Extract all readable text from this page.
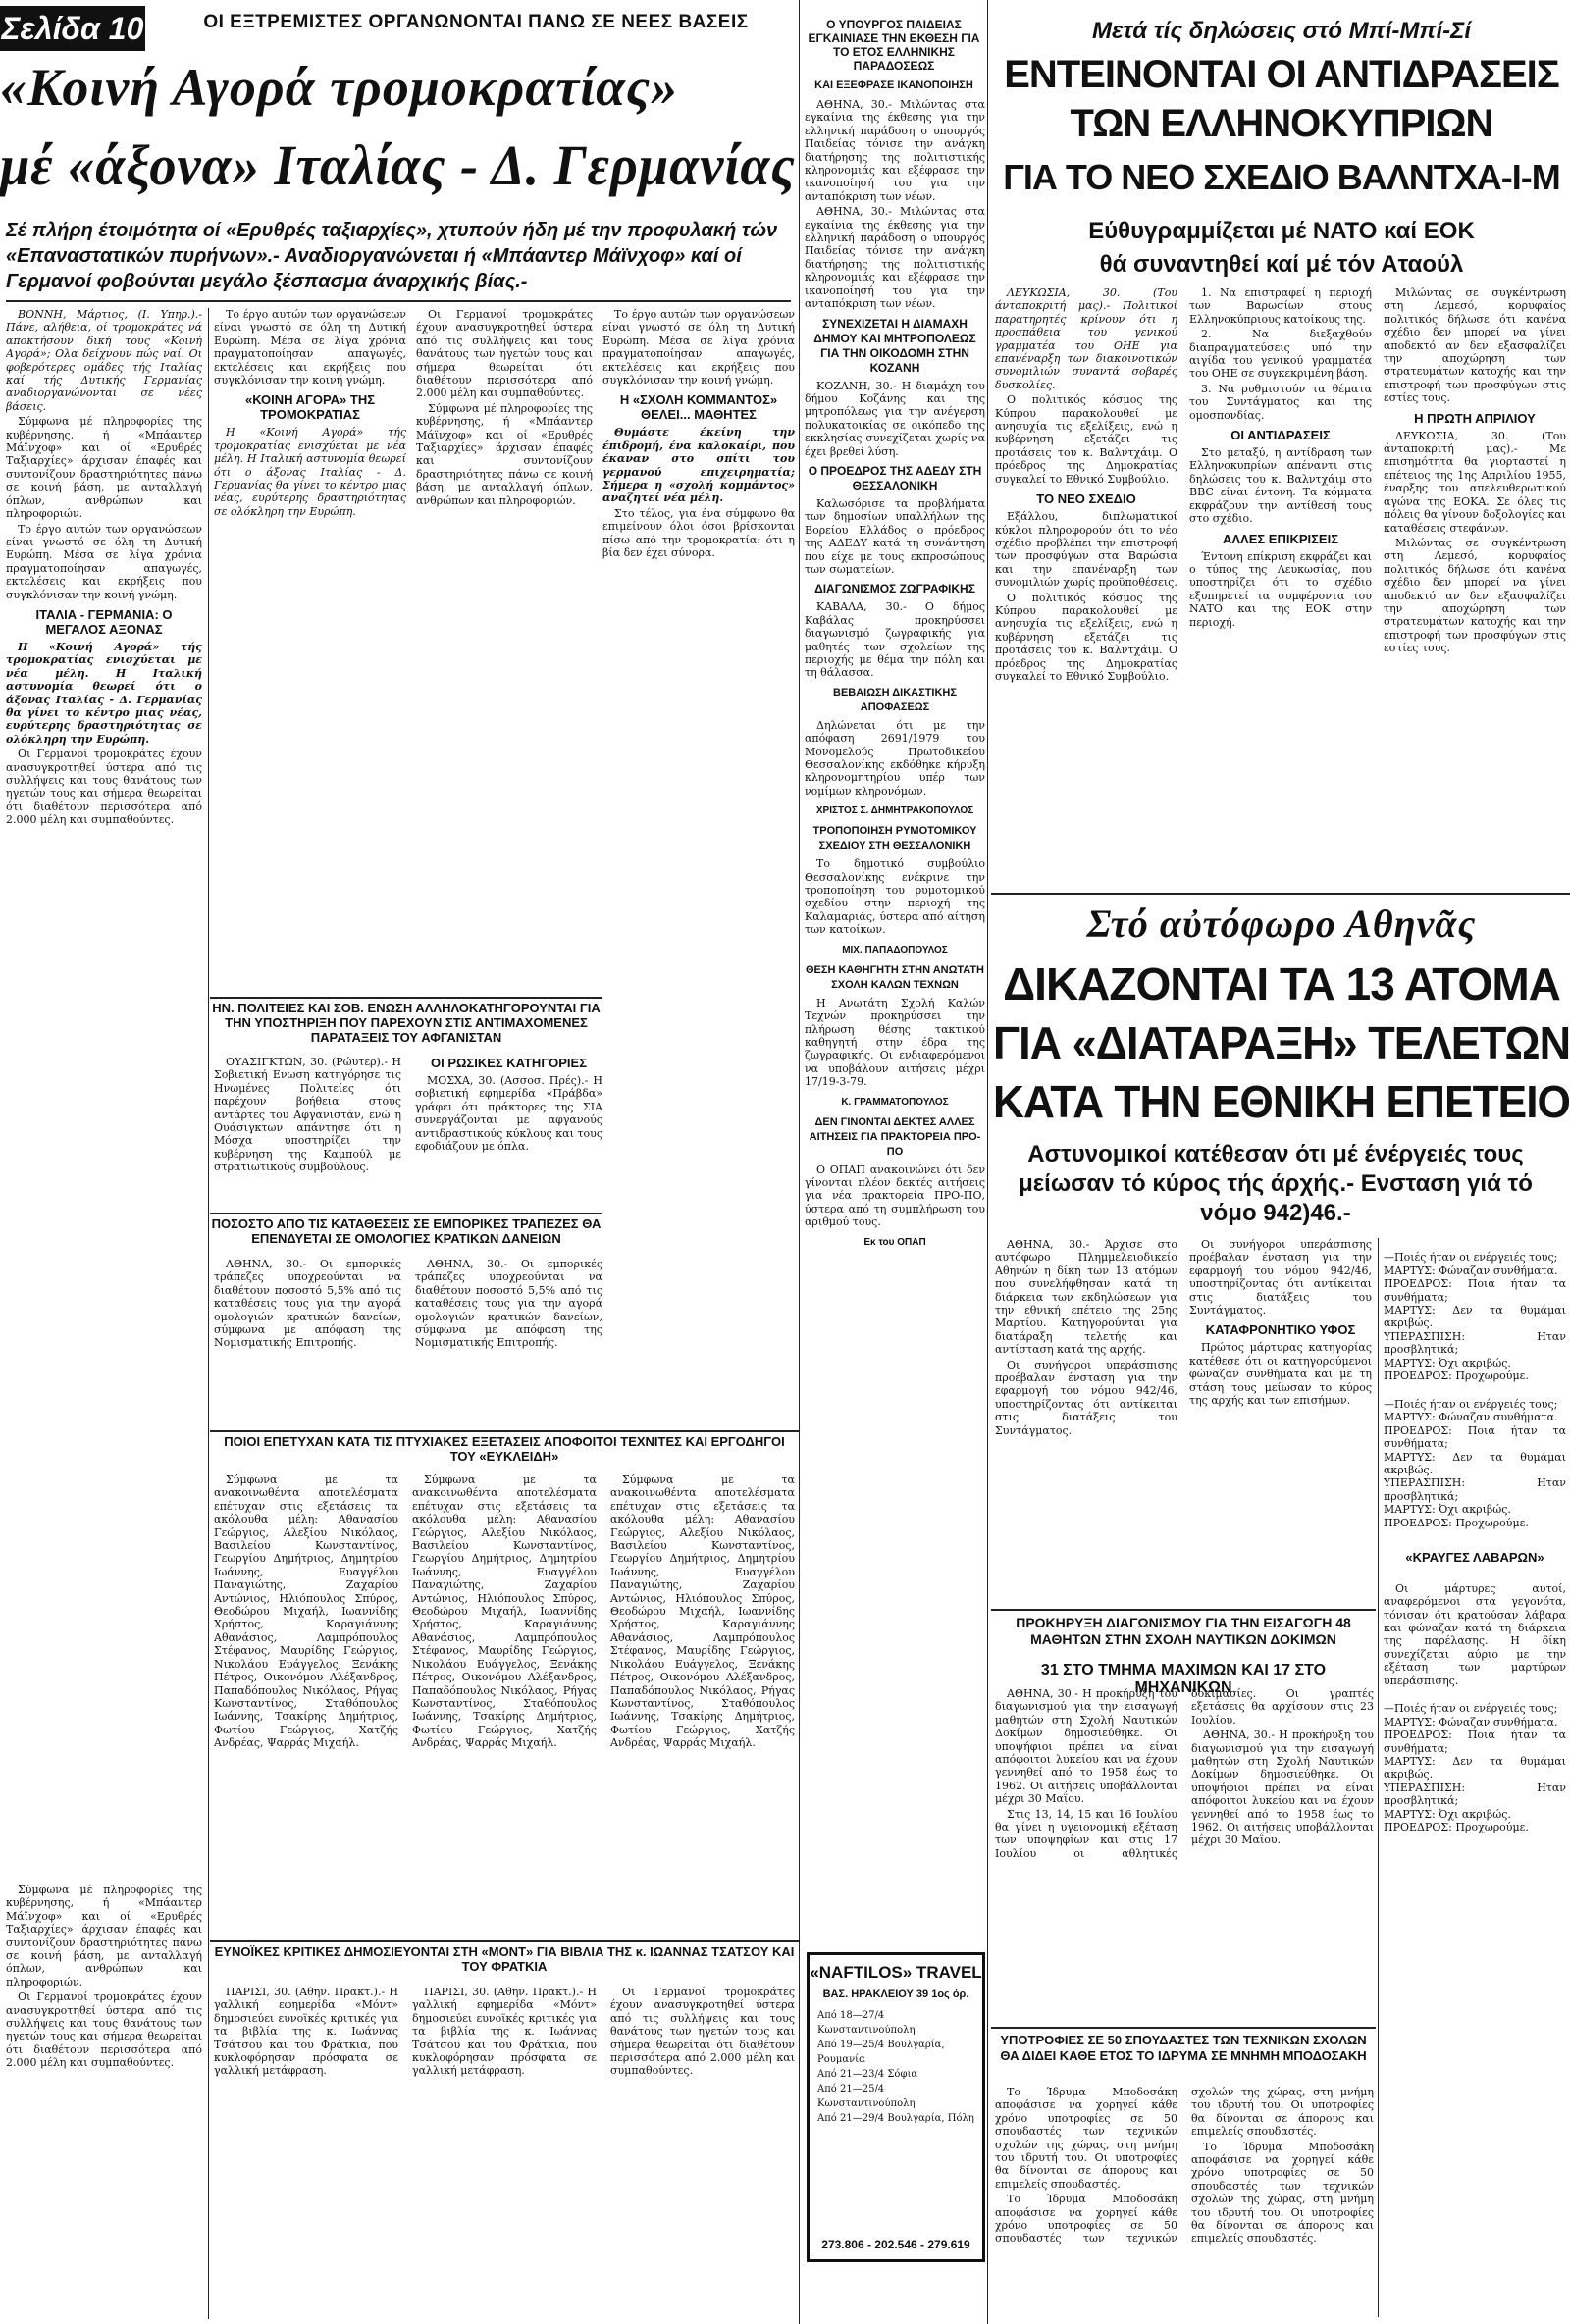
Σελίδα 10	ΟΙ ΕΞΤΡΕΜΙΣΤΕΣ ΟΡΓΑΝΩΝΟΝΤΑΙ ΠΑΝΩ ΣΕ ΝΕΕΣ ΒΑΣΕΙΣ
«Κοινή Αγορά τρομοκρατίας»
μέ «άξονα» Ιταλίας - Δ. Γερμανίας
Σέ πλήρη έτοιμότητα οί «Ερυθρές ταξιαρχίες», χτυπούν ήδη μέ την προφυλακή τών «Επαναστατικών πυρήνων».- Αναδιοργανώνεται ή «Μπάαντερ Μάϊνχοφ» καί οί Γερμανοί φοβούνται μεγάλο ξέσπασμα άναρχικής βίας.-

ΒΟΝΝΗ, Μάρτιος, (Ι. Υπηρ.).- Πάνε, αλήθεια, οί τρομοκράτες νά αποκτήσουν δική τους «Κοινή Αγορά»; Ολα δείχνουν πώς ναί. Οι φοβερότερες ομάδες τής Ιταλίας καί τής Δυτικής Γερμανίας αναδιοργανώνονται σε νέες βάσεις.

Σύμφωνα μέ πληροφορίες της κυβέρνησης, ή «Μπάαντερ Μάϊνχοφ» και οί «Ερυθρές Ταξιαρχίες» άρχισαν έπαφές και συντονίζουν δραστηριότητες πάνω σε κοινή βάση, με ανταλλαγή όπλων, ανθρώπων και πληροφοριών.

Το έργο αυτών των οργανώσεων είναι γνωστό σε όλη τη Δυτική Ευρώπη. Μέσα σε λίγα χρόνια πραγματοποίησαν απαγωγές, εκτελέσεις και εκρήξεις που συγκλόνισαν την κοινή γνώμη.

ΙΤΑΛΙΑ - ΓΕΡΜΑΝΙΑ: Ο ΜΕΓΑΛΟΣ ΑΞΟΝΑΣ

Η «Κοινή Αγορά» τής τρομοκρατίας ενισχύεται με νέα μέλη. Η Ιταλική αστυνομία θεωρεί ότι ο άξονας Ιταλίας - Δ. Γερμανίας θα γίνει το κέντρο μιας νέας, ευρύτερης δραστηριότητας σε ολόκληρη την Ευρώπη.

Οι Γερμανοί τρομοκράτες έχουν ανασυγκροτηθεί ύστερα από τις συλλήψεις και τους θανάτους των ηγετών τους και σήμερα θεωρείται ότι διαθέτουν περισσότερα από 2.000 μέλη και συμπαθούντες.

Το έργο αυτών των οργανώσεων είναι γνωστό σε όλη τη Δυτική Ευρώπη. Μέσα σε λίγα χρόνια πραγματοποίησαν απαγωγές, εκτελέσεις και εκρήξεις που συγκλόνισαν την κοινή γνώμη.

«ΚΟΙΝΗ ΑΓΟΡΑ» ΤΗΣ ΤΡΟΜΟΚΡΑΤΙΑΣ

Η «Κοινή Αγορά» τής τρομοκρατίας ενισχύεται με νέα μέλη. Η Ιταλική αστυνομία θεωρεί ότι ο άξονας Ιταλίας - Δ. Γερμανίας θα γίνει το κέντρο μιας νέας, ευρύτερης δραστηριότητας σε ολόκληρη την Ευρώπη.

Οι Γερμανοί τρομοκράτες έχουν ανασυγκροτηθεί ύστερα από τις συλλήψεις και τους θανάτους των ηγετών τους και σήμερα θεωρείται ότι διαθέτουν περισσότερα από 2.000 μέλη και συμπαθούντες.

Σύμφωνα μέ πληροφορίες της κυβέρνησης, ή «Μπάαντερ Μάϊνχοφ» και οί «Ερυθρές Ταξιαρχίες» άρχισαν έπαφές και συντονίζουν δραστηριότητες πάνω σε κοινή βάση, με ανταλλαγή όπλων, ανθρώπων και πληροφοριών.

Το έργο αυτών των οργανώσεων είναι γνωστό σε όλη τη Δυτική Ευρώπη. Μέσα σε λίγα χρόνια πραγματοποίησαν απαγωγές, εκτελέσεις και εκρήξεις που συγκλόνισαν την κοινή γνώμη.

Η «ΣΧΟΛΗ ΚΟΜΜΑΝΤΟΣ» ΘΕΛΕΙ... ΜΑΘΗΤΕΣ

Θυμάστε έκείνη την έπιδρομή, ένα καλοκαίρι, που έκαναν στο σπίτι του γερμανού επιχειρηματία; Σήμερα η «σχολή κομμάντος» αναζητεί νέα μέλη.

Στο τέλος, για ένα σύμφωνο θα επιμείνουν όλοι όσοι βρίσκονται πίσω από την τρομοκρατία: ότι η βία δεν έχει σύνορα.

ΗΝ. ΠΟΛΙΤΕΙΕΣ ΚΑΙ ΣΟΒ. ΕΝΩΣΗ ΑΛΛΗΛΟΚΑΤΗΓΟΡΟΥΝΤΑΙ ΓΙΑ ΤΗΝ ΥΠΟΣΤΗΡΙΞΗ ΠΟΥ ΠΑΡΕΧΟΥΝ ΣΤΙΣ ΑΝΤΙΜΑΧΟΜΕΝΕΣ ΠΑΡΑΤΑΞΕΙΣ ΤΟΥ ΑΦΓΑΝΙΣΤΑΝ

ΟΥΑΣΙΓΚΤΩΝ, 30. (Ρώυτερ).- Η Σοβιετική Ενωση κατηγόρησε τις Ηνωμένες Πολιτείες ότι παρέχουν βοήθεια στους αντάρτες του Αφγανιστάν, ενώ η Ουάσιγκτων απάντησε ότι η Μόσχα υποστηρίζει την κυβέρνηση της Καμπούλ με στρατιωτικούς συμβούλους.

ΟΙ ΡΩΣΙΚΕΣ ΚΑΤΗΓΟΡΙΕΣ

ΜΟΣΧΑ, 30. (Ασσοσ. Πρές).- Η σοβιετική εφημερίδα «Πράβδα» γράφει ότι πράκτορες της ΣΙΑ συνεργάζονται με αφγανούς αντιδραστικούς κύκλους και τους εφοδιάζουν με όπλα.

ΠΟΣΟΣΤΟ ΑΠΟ ΤΙΣ ΚΑΤΑΘΕΣΕΙΣ ΣΕ ΕΜΠΟΡΙΚΕΣ ΤΡΑΠΕΖΕΣ ΘΑ ΕΠΕΝΔΥΕΤΑΙ ΣΕ ΟΜΟΛΟΓΙΕΣ ΚΡΑΤΙΚΩΝ ΔΑΝΕΙΩΝ

ΑΘΗΝΑ, 30.- Οι εμπορικές τράπεζες υποχρεούνται να διαθέτουν ποσοστό 5,5% από τις καταθέσεις τους για την αγορά ομολογιών κρατικών δανείων, σύμφωνα με απόφαση της Νομισματικής Επιτροπής.

ΑΘΗΝΑ, 30.- Οι εμπορικές τράπεζες υποχρεούνται να διαθέτουν ποσοστό 5,5% από τις καταθέσεις τους για την αγορά ομολογιών κρατικών δανείων, σύμφωνα με απόφαση της Νομισματικής Επιτροπής.

ΠΟΙΟΙ ΕΠΕΤΥΧΑΝ ΚΑΤΑ ΤΙΣ ΠΤΥΧΙΑΚΕΣ ΕΞΕΤΑΣΕΙΣ ΑΠΟΦΟΙΤΟΙ ΤΕΧΝΙΤΕΣ ΚΑΙ ΕΡΓΟΔΗΓΟΙ ΤΟΥ «ΕΥΚΛΕΙΔΗ»

Σύμφωνα με τα ανακοινωθέντα αποτελέσματα επέτυχαν στις εξετάσεις τα ακόλουθα μέλη: Αθανασίου Γεώργιος, Αλεξίου Νικόλαος, Βασιλείου Κωνσταντίνος, Γεωργίου Δημήτριος, Δημητρίου Ιωάννης, Ευαγγέλου Παναγιώτης, Ζαχαρίου Αντώνιος, Ηλιόπουλος Σπύρος, Θεοδώρου Μιχαήλ, Ιωαννίδης Χρήστος, Καραγιάννης Αθανάσιος, Λαμπρόπουλος Στέφανος, Μαυρίδης Γεώργιος, Νικολάου Ευάγγελος, Ξενάκης Πέτρος, Οικονόμου Αλέξανδρος, Παπαδόπουλος Νικόλαος, Ρήγας Κωνσταντίνος, Σταθόπουλος Ιωάννης, Τσακίρης Δημήτριος, Φωτίου Γεώργιος, Χατζής Ανδρέας, Ψαρράς Μιχαήλ.

Σύμφωνα με τα ανακοινωθέντα αποτελέσματα επέτυχαν στις εξετάσεις τα ακόλουθα μέλη: Αθανασίου Γεώργιος, Αλεξίου Νικόλαος, Βασιλείου Κωνσταντίνος, Γεωργίου Δημήτριος, Δημητρίου Ιωάννης, Ευαγγέλου Παναγιώτης, Ζαχαρίου Αντώνιος, Ηλιόπουλος Σπύρος, Θεοδώρου Μιχαήλ, Ιωαννίδης Χρήστος, Καραγιάννης Αθανάσιος, Λαμπρόπουλος Στέφανος, Μαυρίδης Γεώργιος, Νικολάου Ευάγγελος, Ξενάκης Πέτρος, Οικονόμου Αλέξανδρος, Παπαδόπουλος Νικόλαος, Ρήγας Κωνσταντίνος, Σταθόπουλος Ιωάννης, Τσακίρης Δημήτριος, Φωτίου Γεώργιος, Χατζής Ανδρέας, Ψαρράς Μιχαήλ.

Σύμφωνα με τα ανακοινωθέντα αποτελέσματα επέτυχαν στις εξετάσεις τα ακόλουθα μέλη: Αθανασίου Γεώργιος, Αλεξίου Νικόλαος, Βασιλείου Κωνσταντίνος, Γεωργίου Δημήτριος, Δημητρίου Ιωάννης, Ευαγγέλου Παναγιώτης, Ζαχαρίου Αντώνιος, Ηλιόπουλος Σπύρος, Θεοδώρου Μιχαήλ, Ιωαννίδης Χρήστος, Καραγιάννης Αθανάσιος, Λαμπρόπουλος Στέφανος, Μαυρίδης Γεώργιος, Νικολάου Ευάγγελος, Ξενάκης Πέτρος, Οικονόμου Αλέξανδρος, Παπαδόπουλος Νικόλαος, Ρήγας Κωνσταντίνος, Σταθόπουλος Ιωάννης, Τσακίρης Δημήτριος, Φωτίου Γεώργιος, Χατζής Ανδρέας, Ψαρράς Μιχαήλ.

ΕΥΝΟΪΚΕΣ ΚΡΙΤΙΚΕΣ ΔΗΜΟΣΙΕΥΟΝΤΑΙ ΣΤΗ «ΜΟΝΤ» ΓΙΑ ΒΙΒΛΙΑ ΤΗΣ κ. ΙΩΑΝΝΑΣ ΤΣΑΤΣΟΥ ΚΑΙ ΤΟΥ ΦΡΑΤΚΙΑ

ΠΑΡΙΣΙ, 30. (Αθην. Πρακτ.).- Η γαλλική εφημερίδα «Μόντ» δημοσιεύει ευνοϊκές κριτικές για τα βιβλία της κ. Ιωάννας Τσάτσου και του Φράτκια, που κυκλοφόρησαν πρόσφατα σε γαλλική μετάφραση.

ΠΑΡΙΣΙ, 30. (Αθην. Πρακτ.).- Η γαλλική εφημερίδα «Μόντ» δημοσιεύει ευνοϊκές κριτικές για τα βιβλία της κ. Ιωάννας Τσάτσου και του Φράτκια, που κυκλοφόρησαν πρόσφατα σε γαλλική μετάφραση.

Οι Γερμανοί τρομοκράτες έχουν ανασυγκροτηθεί ύστερα από τις συλλήψεις και τους θανάτους των ηγετών τους και σήμερα θεωρείται ότι διαθέτουν περισσότερα από 2.000 μέλη και συμπαθούντες.

Σύμφωνα μέ πληροφορίες της κυβέρνησης, ή «Μπάαντερ Μάϊνχοφ» και οί «Ερυθρές Ταξιαρχίες» άρχισαν έπαφές και συντονίζουν δραστηριότητες πάνω σε κοινή βάση, με ανταλλαγή όπλων, ανθρώπων και πληροφοριών.

Οι Γερμανοί τρομοκράτες έχουν ανασυγκροτηθεί ύστερα από τις συλλήψεις και τους θανάτους των ηγετών τους και σήμερα θεωρείται ότι διαθέτουν περισσότερα από 2.000 μέλη και συμπαθούντες.

Ο ΥΠΟΥΡΓΟΣ ΠΑΙΔΕΙΑΣ ΕΓΚΑΙΝΙΑΣΕ ΤΗΝ ΕΚΘΕΣΗ ΓΙΑ ΤΟ ΕΤΟΣ ΕΛΛΗΝΙΚΗΣ ΠΑΡΑΔΟΣΕΩΣ
ΚΑΙ ΕΞΕΦΡΑΣΕ ΙΚΑΝΟΠΟΙΗΣΗ

ΑΘΗΝΑ, 30.- Μιλώντας στα εγκαίνια της έκθεσης για την ελληνική παράδοση ο υπουργός Παιδείας τόνισε την ανάγκη διατήρησης της πολιτιστικής κληρονομιάς και εξέφρασε την ικανοποίησή του για την ανταπόκριση των νέων.

ΑΘΗΝΑ, 30.- Μιλώντας στα εγκαίνια της έκθεσης για την ελληνική παράδοση ο υπουργός Παιδείας τόνισε την ανάγκη διατήρησης της πολιτιστικής κληρονομιάς και εξέφρασε την ικανοποίησή του για την ανταπόκριση των νέων.

ΣΥΝΕΧΙΖΕΤΑΙ Η ΔΙΑΜΑΧΗ ΔΗΜΟΥ ΚΑΙ ΜΗΤΡΟΠΟΛΕΩΣ ΓΙΑ ΤΗΝ ΟΙΚΟΔΟΜΗ ΣΤΗΝ ΚΟΖΑΝΗ

ΚΟΖΑΝΗ, 30.- Η διαμάχη του δήμου Κοζάνης και της μητροπόλεως για την ανέγερση πολυκατοικίας σε οικόπεδο της εκκλησίας συνεχίζεται χωρίς να έχει βρεθεί λύση.

Ο ΠΡΟΕΔΡΟΣ ΤΗΣ ΑΔΕΔΥ ΣΤΗ ΘΕΣΣΑΛΟΝΙΚΗ

Καλωσόρισε τα προβλήματα των δημοσίων υπαλλήλων της Βορείου Ελλάδος ο πρόεδρος της ΑΔΕΔΥ κατά τη συνάντηση που είχε με τους εκπροσώπους των σωματείων.

ΔΙΑΓΩΝΙΣΜΟΣ ΖΩΓΡΑΦΙΚΗΣ

ΚΑΒΑΛΑ, 30.- Ο δήμος Καβάλας προκηρύσσει διαγωνισμό ζωγραφικής για μαθητές των σχολείων της περιοχής με θέμα την πόλη και τη θάλασσα.

ΒΕΒΑΙΩΣΗ ΔΙΚΑΣΤΙΚΗΣ ΑΠΟΦΑΣΕΩΣ

Δηλώνεται ότι με την απόφαση 2691/1979 του Μονομελούς Πρωτοδικείου Θεσσαλονίκης εκδόθηκε κήρυξη κληρονομητηρίου υπέρ των νομίμων κληρονόμων.

ΧΡΙΣΤΟΣ Σ. ΔΗΜΗΤΡΑΚΟΠΟΥΛΟΣ
ΤΡΟΠΟΠΟΙΗΣΗ ΡΥΜΟΤΟΜΙΚΟΥ ΣΧΕΔΙΟΥ ΣΤΗ ΘΕΣΣΑΛΟΝΙΚΗ

Το δημοτικό συμβούλιο Θεσσαλονίκης ενέκρινε την τροποποίηση του ρυμοτομικού σχεδίου στην περιοχή της Καλαμαριάς, ύστερα από αίτηση των κατοίκων.

ΜΙΧ. ΠΑΠΑΔΟΠΟΥΛΟΣ
ΘΕΣΗ ΚΑΘΗΓΗΤΗ ΣΤΗΝ ΑΝΩΤΑΤΗ ΣΧΟΛΗ ΚΑΛΩΝ ΤΕΧΝΩΝ

Η Ανωτάτη Σχολή Καλών Τεχνών προκηρύσσει την πλήρωση θέσης τακτικού καθηγητή στην έδρα της ζωγραφικής. Οι ενδιαφερόμενοι να υποβάλουν αιτήσεις μέχρι 17/19-3-79.

Κ. ΓΡΑΜΜΑΤΟΠΟΥΛΟΣ
ΔΕΝ ΓΙΝΟΝΤΑΙ ΔΕΚΤΕΣ ΑΛΛΕΣ ΑΙΤΗΣΕΙΣ ΓΙΑ ΠΡΑΚΤΟΡΕΙΑ ΠΡΟ-ΠΟ

Ο ΟΠΑΠ ανακοινώνει ότι δεν γίνονται πλέον δεκτές αιτήσεις για νέα πρακτορεία ΠΡΟ-ΠΟ, ύστερα από τη συμπλήρωση του αριθμού τους.

Εκ του ΟΠΑΠ
«NAFTILOS» TRAVEL
ΒΑΣ. ΗΡΑΚΛΕΙΟΥ 39 1ος όρ.
Από 18—27/4 Κωνσταντινούπολη
Από 19—25/4 Βουλγαρία, Ρουμανία
Από 21—23/4 Σόφια
Από 21—25/4 Κωνσταντινούπολη
Από 21—29/4 Βουλγαρία, Πόλη
273.806 - 202.546 - 279.619
Μετά τίς δηλώσεις στό Μπί-Μπί-Σί
ΕΝΤΕΙΝΟΝΤΑΙ ΟΙ ΑΝΤΙΔΡΑΣΕΙΣ
ΤΩΝ ΕΛΛΗΝΟΚΥΠΡΙΩΝ
ΓΙΑ ΤΟ ΝΕΟ ΣΧΕΔΙΟ ΒΑΛΝΤΧΑ-Ι-Μ
Εύθυγραμμίζεται μέ ΝΑΤΟ καί ΕΟΚ
θά συναντηθεί καί μέ τόν Αταούλ

ΛΕΥΚΩΣΙΑ, 30. (Του άνταποκριτή μας).- Πολιτικοί παρατηρητές κρίνουν ότι η προσπάθεια του γενικού γραμματέα του ΟΗΕ για επανέναρξη των διακοινοτικών συνομιλιών συναντά σοβαρές δυσκολίες.

Ο πολιτικός κόσμος της Κύπρου παρακολουθεί με ανησυχία τις εξελίξεις, ενώ η κυβέρνηση εξετάζει τις προτάσεις του κ. Βαλντχάιμ. Ο πρόεδρος της Δημοκρατίας συγκαλεί το Εθνικό Συμβούλιο.

ΤΟ ΝΕΟ ΣΧΕΔΙΟ

Εξάλλου, διπλωματικοί κύκλοι πληροφορούν ότι το νέο σχέδιο προβλέπει την επιστροφή των προσφύγων στα Βαρώσια και την επανέναρξη των συνομιλιών χωρίς προϋποθέσεις.

Ο πολιτικός κόσμος της Κύπρου παρακολουθεί με ανησυχία τις εξελίξεις, ενώ η κυβέρνηση εξετάζει τις προτάσεις του κ. Βαλντχάιμ. Ο πρόεδρος της Δημοκρατίας συγκαλεί το Εθνικό Συμβούλιο.

1. Να επιστραφεί η περιοχή των Βαρωσίων στους Ελληνοκύπριους κατοίκους της.

2. Να διεξαχθούν διαπραγματεύσεις υπό την αιγίδα του γενικού γραμματέα του ΟΗΕ σε συγκεκριμένη βάση.

3. Να ρυθμιστούν τα θέματα του Συντάγματος και της ομοσπονδίας.

ΟΙ ΑΝΤΙΔΡΑΣΕΙΣ

Στο μεταξύ, η αντίδραση των Ελληνοκυπρίων απέναντι στις δηλώσεις του κ. Βαλντχάιμ στο BBC είναι έντονη. Τα κόμματα εκφράζουν την αντίθεσή τους στο σχέδιο.

ΑΛΛΕΣ ΕΠΙΚΡΙΣΕΙΣ

Έντονη επίκριση εκφράζει και ο τύπος της Λευκωσίας, που υποστηρίζει ότι το σχέδιο εξυπηρετεί τα συμφέροντα του ΝΑΤΟ και της ΕΟΚ στην περιοχή.

Μιλώντας σε συγκέντρωση στη Λεμεσό, κορυφαίος πολιτικός δήλωσε ότι κανένα σχέδιο δεν μπορεί να γίνει αποδεκτό αν δεν εξασφαλίζει την αποχώρηση των στρατευμάτων κατοχής και την επιστροφή των προσφύγων στις εστίες τους.

Η ΠΡΩΤΗ ΑΠΡΙΛΙΟΥ

ΛΕΥΚΩΣΙΑ, 30. (Του άνταποκριτή μας).- Με επισημότητα θα γιορταστεί η επέτειος της 1ης Απριλίου 1955, έναρξης του απελευθερωτικού αγώνα της ΕΟΚΑ. Σε όλες τις πόλεις θα γίνουν δοξολογίες και καταθέσεις στεφάνων.

Μιλώντας σε συγκέντρωση στη Λεμεσό, κορυφαίος πολιτικός δήλωσε ότι κανένα σχέδιο δεν μπορεί να γίνει αποδεκτό αν δεν εξασφαλίζει την αποχώρηση των στρατευμάτων κατοχής και την επιστροφή των προσφύγων στις εστίες τους.

Στό αὐτόφωρο Αθηνᾶς
ΔΙΚΑΖΟΝΤΑΙ ΤΑ 13 ΑΤΟΜΑ
ΓΙΑ «ΔΙΑΤΑΡΑΞΗ» ΤΕΛΕΤΩΝ
ΚΑΤΑ ΤΗΝ ΕΘΝΙΚΗ ΕΠΕΤΕΙΟ
Αστυνομικοί κατέθεσαν ότι μέ ένέργειές τους μείωσαν τό κύρος τής άρχής.- Ενσταση γιά τό νόμο 942)46.-

ΑΘΗΝΑ, 30.- Άρχισε στο αυτόφωρο Πλημμελειοδικείο Αθηνών η δίκη των 13 ατόμων που συνελήφθησαν κατά τη διάρκεια των εκδηλώσεων για την εθνική επέτειο της 25ης Μαρτίου. Κατηγορούνται για διατάραξη τελετής και αντίσταση κατά της αρχής.

Οι συνήγοροι υπεράσπισης προέβαλαν ένσταση για την εφαρμογή του νόμου 942/46, υποστηρίζοντας ότι αντίκειται στις διατάξεις του Συντάγματος.

Οι συνήγοροι υπεράσπισης προέβαλαν ένσταση για την εφαρμογή του νόμου 942/46, υποστηρίζοντας ότι αντίκειται στις διατάξεις του Συντάγματος.

ΚΑΤΑΦΡΟΝΗΤΙΚΟ ΥΦΟΣ

Πρώτος μάρτυρας κατηγορίας κατέθεσε ότι οι κατηγορούμενοι φώναζαν συνθήματα και με τη στάση τους μείωσαν το κύρος της αρχής και των επισήμων.

—Ποιές ήταν οι ενέργειές τους;
ΜΑΡΤΥΣ: Φώναζαν συνθήματα.
ΠΡΟΕΔΡΟΣ: Ποια ήταν τα συνθήματα;
ΜΑΡΤΥΣ: Δεν τα θυμάμαι ακριβώς.
ΥΠΕΡΑΣΠΙΣΗ: Ηταν προσβλητικά;
ΜΑΡΤΥΣ: Όχι ακριβώς.
ΠΡΟΕΔΡΟΣ: Προχωρούμε.

—Ποιές ήταν οι ενέργειές τους;
ΜΑΡΤΥΣ: Φώναζαν συνθήματα.
ΠΡΟΕΔΡΟΣ: Ποια ήταν τα συνθήματα;
ΜΑΡΤΥΣ: Δεν τα θυμάμαι ακριβώς.
ΥΠΕΡΑΣΠΙΣΗ: Ηταν προσβλητικά;
ΜΑΡΤΥΣ: Όχι ακριβώς.
ΠΡΟΕΔΡΟΣ: Προχωρούμε.

«ΚΡΑΥΓΕΣ ΛΑΒΑΡΩΝ»

Οι μάρτυρες αυτοί, αναφερόμενοι στα γεγονότα, τόνισαν ότι κρατούσαν λάβαρα και φώναζαν κατά τη διάρκεια της παρέλασης. Η δίκη συνεχίζεται αύριο με την εξέταση των μαρτύρων υπεράσπισης.

—Ποιές ήταν οι ενέργειές τους;
ΜΑΡΤΥΣ: Φώναζαν συνθήματα.
ΠΡΟΕΔΡΟΣ: Ποια ήταν τα συνθήματα;
ΜΑΡΤΥΣ: Δεν τα θυμάμαι ακριβώς.
ΥΠΕΡΑΣΠΙΣΗ: Ηταν προσβλητικά;
ΜΑΡΤΥΣ: Όχι ακριβώς.
ΠΡΟΕΔΡΟΣ: Προχωρούμε.

ΠΡΟΚΗΡΥΞΗ ΔΙΑΓΩΝΙΣΜΟΥ ΓΙΑ ΤΗΝ ΕΙΣΑΓΩΓΗ 48 ΜΑΘΗΤΩΝ ΣΤΗΝ ΣΧΟΛΗ ΝΑΥΤΙΚΩΝ ΔΟΚΙΜΩΝ
31 ΣΤΟ ΤΜΗΜΑ ΜΑΧΙΜΩΝ ΚΑΙ 17 ΣΤΟ ΜΗΧΑΝΙΚΩΝ

ΑΘΗΝΑ, 30.- Η προκήρυξη του διαγωνισμού για την εισαγωγή μαθητών στη Σχολή Ναυτικών Δοκίμων δημοσιεύθηκε. Οι υποψήφιοι πρέπει να είναι απόφοιτοι λυκείου και να έχουν γεννηθεί από το 1958 έως το 1962. Οι αιτήσεις υποβάλλονται μέχρι 30 Μαΐου.

Στις 13, 14, 15 και 16 Ιουλίου θα γίνει η υγειονομική εξέταση των υποψηφίων και στις 17 Ιουλίου οι αθλητικές δοκιμασίες. Οι γραπτές εξετάσεις θα αρχίσουν στις 23 Ιουλίου.

ΑΘΗΝΑ, 30.- Η προκήρυξη του διαγωνισμού για την εισαγωγή μαθητών στη Σχολή Ναυτικών Δοκίμων δημοσιεύθηκε. Οι υποψήφιοι πρέπει να είναι απόφοιτοι λυκείου και να έχουν γεννηθεί από το 1958 έως το 1962. Οι αιτήσεις υποβάλλονται μέχρι 30 Μαΐου.

ΥΠΟΤΡΟΦΙΕΣ ΣΕ 50 ΣΠΟΥΔΑΣΤΕΣ ΤΩΝ ΤΕΧΝΙΚΩΝ ΣΧΟΛΩΝ ΘΑ ΔΙΔΕΙ ΚΑΘΕ ΕΤΟΣ ΤΟ ΙΔΡΥΜΑ ΣΕ ΜΝΗΜΗ ΜΠΟΔΟΣΑΚΗ

Το Ίδρυμα Μποδοσάκη αποφάσισε να χορηγεί κάθε χρόνο υποτροφίες σε 50 σπουδαστές των τεχνικών σχολών της χώρας, στη μνήμη του ιδρυτή του. Οι υποτροφίες θα δίνονται σε άπορους και επιμελείς σπουδαστές.

Το Ίδρυμα Μποδοσάκη αποφάσισε να χορηγεί κάθε χρόνο υποτροφίες σε 50 σπουδαστές των τεχνικών σχολών της χώρας, στη μνήμη του ιδρυτή του. Οι υποτροφίες θα δίνονται σε άπορους και επιμελείς σπουδαστές.

Το Ίδρυμα Μποδοσάκη αποφάσισε να χορηγεί κάθε χρόνο υποτροφίες σε 50 σπουδαστές των τεχνικών σχολών της χώρας, στη μνήμη του ιδρυτή του. Οι υποτροφίες θα δίνονται σε άπορους και επιμελείς σπουδαστές.
